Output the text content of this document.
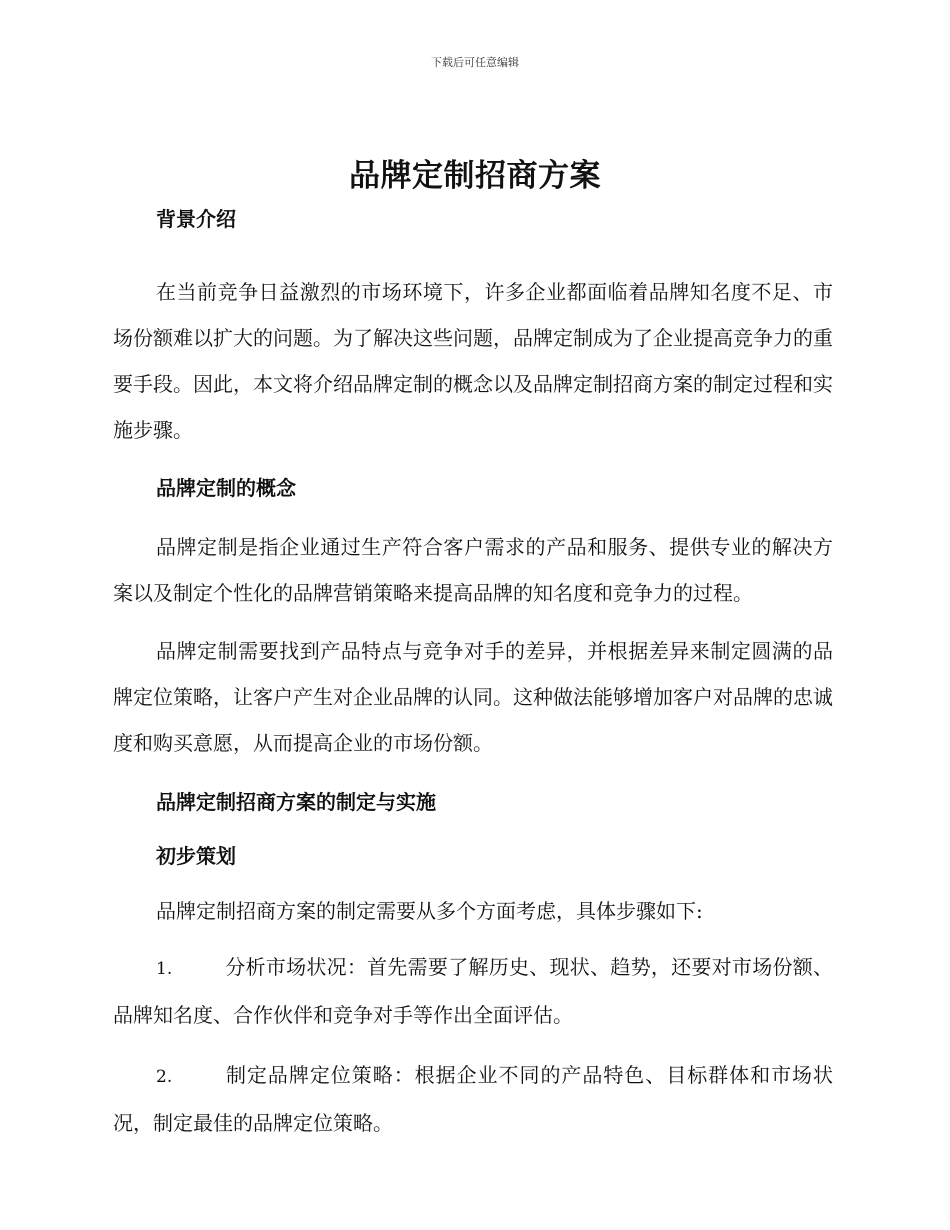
下载后可任意编辑
品牌定制招商方案
背景介绍

在当前竞争日益激烈的市场环境下，许多企业都面临着品牌知名度不足、市场份额难以扩大的问题。为了解决这些问题，品牌定制成为了企业提高竞争力的重要手段。因此，本文将介绍品牌定制的概念以及品牌定制招商方案的制定过程和实施步骤。

品牌定制的概念

品牌定制是指企业通过生产符合客户需求的产品和服务、提供专业的解决方案以及制定个性化的品牌营销策略来提高品牌的知名度和竞争力的过程。

品牌定制需要找到产品特点与竞争对手的差异，并根据差异来制定圆满的品牌定位策略，让客户产生对企业品牌的认同。这种做法能够增加客户对品牌的忠诚度和购买意愿，从而提高企业的市场份额。

品牌定制招商方案的制定与实施
初步策划

品牌定制招商方案的制定需要从多个方面考虑，具体步骤如下:

1.	分析市场状况：首先需要了解历史、现状、趋势，还要对市场份额、品牌知名度、合作伙伴和竞争对手等作出全面评估。

2.	制定品牌定位策略：根据企业不同的产品特色、目标群体和市场状况，制定最佳的品牌定位策略。
